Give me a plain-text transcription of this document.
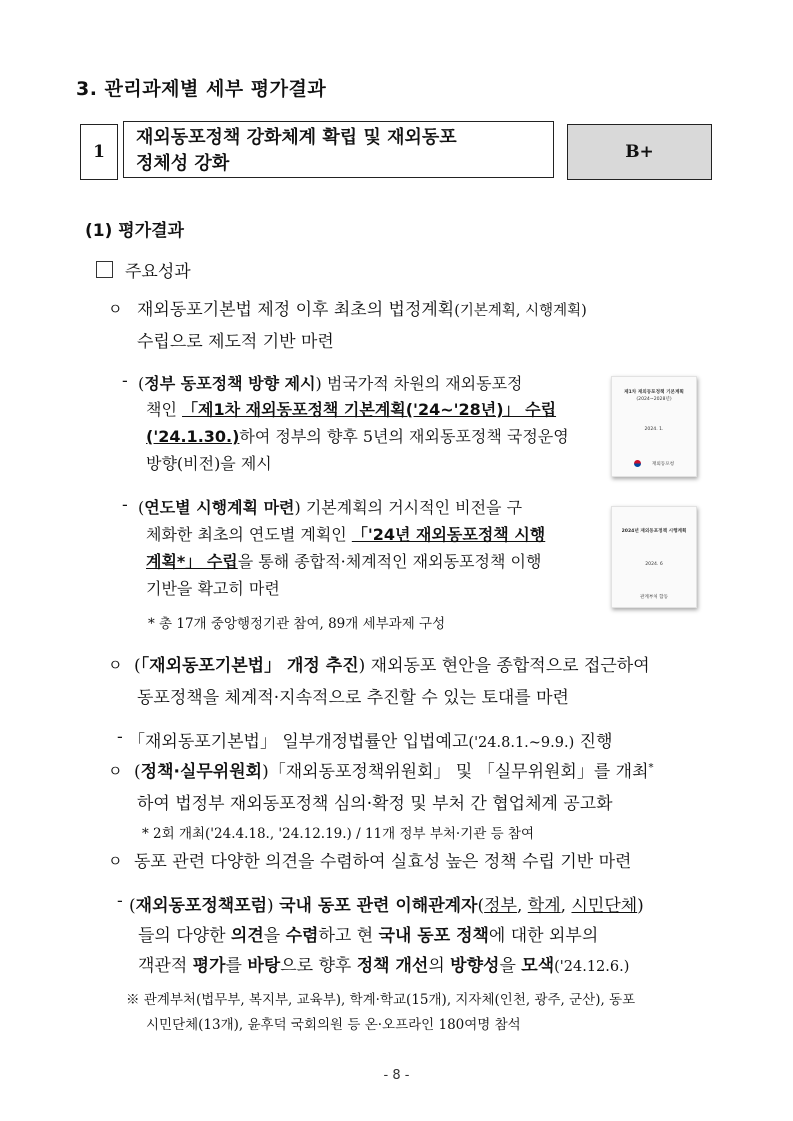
3. 관리과제별 세부 평가결과
1
재외동포정책 강화체계 확립 및 재외동포
정체성 강화
B+
(1) 평가결과
주요성과
ㅇ 재외동포기본법 제정 이후 최초의 법정계획(기본계획, 시행계획)
수립으로 제도적 기반 마련
- (정부 동포정책 방향 제시) 범국가적 차원의 재외동포정
책인 「제1차 재외동포정책 기본계획('24~'28년)」 수립
('24.1.30.)하여 정부의 향후 5년의 재외동포정책 국정운영
방향(비전)을 제시
제1차 재외동포정책 기본계획
(2024~2028년)
2024. 1.
재외동포청
- (연도별 시행계획 마련) 기본계획의 거시적인 비전을 구
체화한 최초의 연도별 계획인 「'24년 재외동포정책 시행
계획*」 수립을 통해 종합적·체계적인 재외동포정책 이행
기반을 확고히 마련
* 총 17개 중앙행정기관 참여, 89개 세부과제 구성
2024년 재외동포정책 시행계획
2024. 6
관계부처 합동
ㅇ (「재외동포기본법」 개정 추진) 재외동포 현안을 종합적으로 접근하여
동포정책을 체계적·지속적으로 추진할 수 있는 토대를 마련
- 「재외동포기본법」 일부개정법률안 입법예고('24.8.1.~9.9.) 진행
ㅇ (정책·실무위원회)「재외동포정책위원회」 및 「실무위원회」를 개최*
하여 법정부 재외동포정책 심의·확정 및 부처 간 협업체계 공고화
* 2회 개최('24.4.18., '24.12.19.) / 11개 정부 부처·기관 등 참여
ㅇ 동포 관련 다양한 의견을 수렴하여 실효성 높은 정책 수립 기반 마련
- (재외동포정책포럼) 국내 동포 관련 이해관계자(정부, 학계, 시민단체)
들의 다양한 의견을 수렴하고 현 국내 동포 정책에 대한 외부의
객관적 평가를 바탕으로 향후 정책 개선의 방향성을 모색('24.12.6.)
※ 관계부처(법무부, 복지부, 교육부), 학계·학교(15개), 지자체(인천, 광주, 군산), 동포
시민단체(13개), 윤후덕 국회의원 등 온·오프라인 180여명 참석
- 8 -
